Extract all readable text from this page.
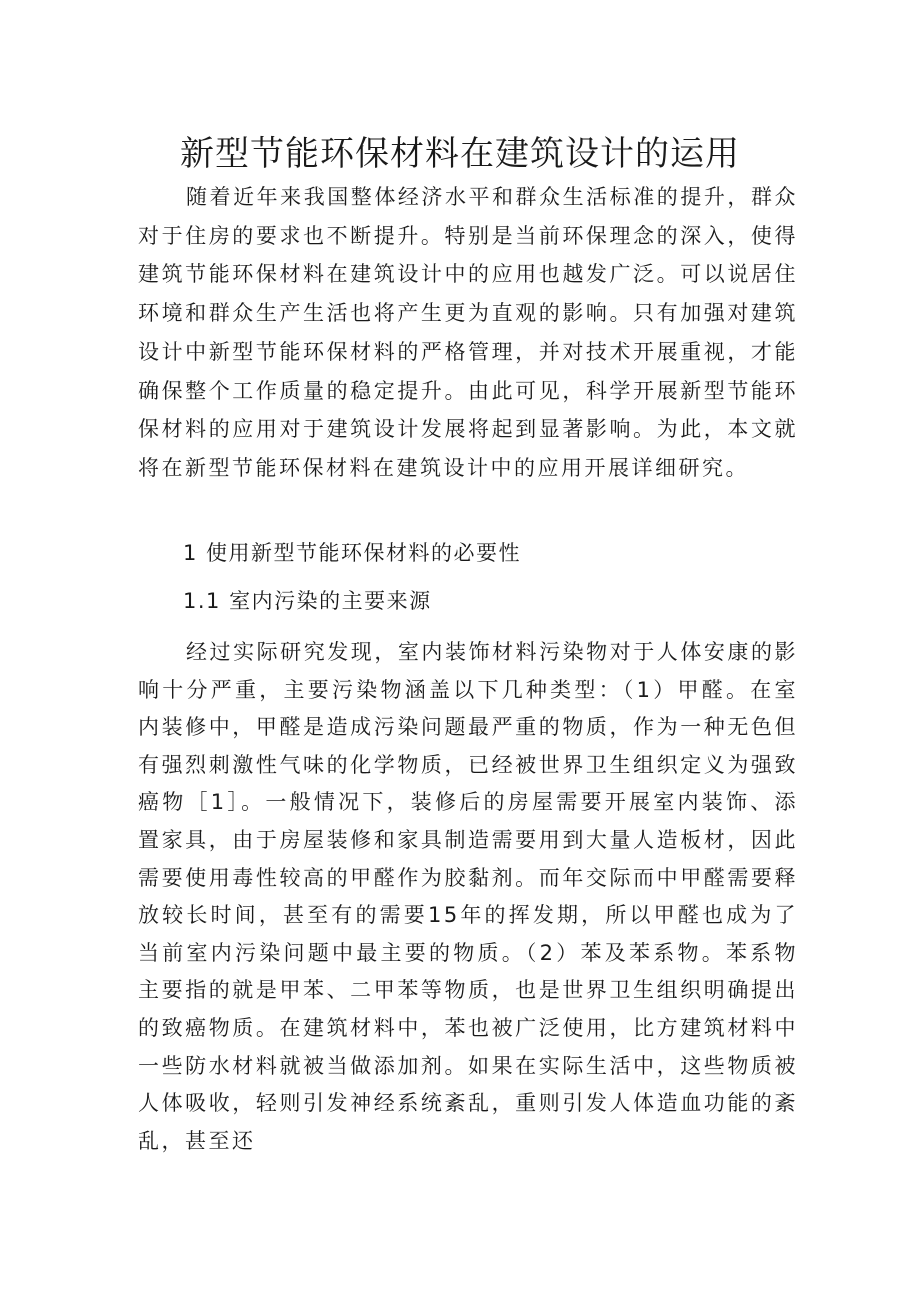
新型节能环保材料在建筑设计的运用

随着近年来我国整体经济水平和群众生活标准的提升，群众对于住房的要求也不断提升。特别是当前环保理念的深入，使得建筑节能环保材料在建筑设计中的应用也越发广泛。可以说居住环境和群众生产生活也将产生更为直观的影响。只有加强对建筑设计中新型节能环保材料的严格管理，并对技术开展重视，才能确保整个工作质量的稳定提升。由此可见，科学开展新型节能环保材料的应用对于建筑设计发展将起到显著影响。为此，本文就将在新型节能环保材料在建筑设计中的应用开展详细研究。

1 使用新型节能环保材料的必要性

1.1 室内污染的主要来源

经过实际研究发现，室内装饰材料污染物对于人体安康的影响十分严重，主要污染物涵盖以下几种类型：（1）甲醛。在室内装修中，甲醛是造成污染问题最严重的物质，作为一种无色但有强烈刺激性气味的化学物质，已经被世界卫生组织定义为强致癌物［1］。一般情况下，装修后的房屋需要开展室内装饰、添置家具，由于房屋装修和家具制造需要用到大量人造板材，因此需要使用毒性较高的甲醛作为胶黏剂。而年交际而中甲醛需要释放较长时间，甚至有的需要15年的挥发期，所以甲醛也成为了当前室内污染问题中最主要的物质。（2）苯及苯系物。苯系物主要指的就是甲苯、二甲苯等物质，也是世界卫生组织明确提出的致癌物质。在建筑材料中，苯也被广泛使用，比方建筑材料中一些防水材料就被当做添加剂。如果在实际生活中，这些物质被人体吸收，轻则引发神经系统紊乱，重则引发人体造血功能的紊乱，甚至还
